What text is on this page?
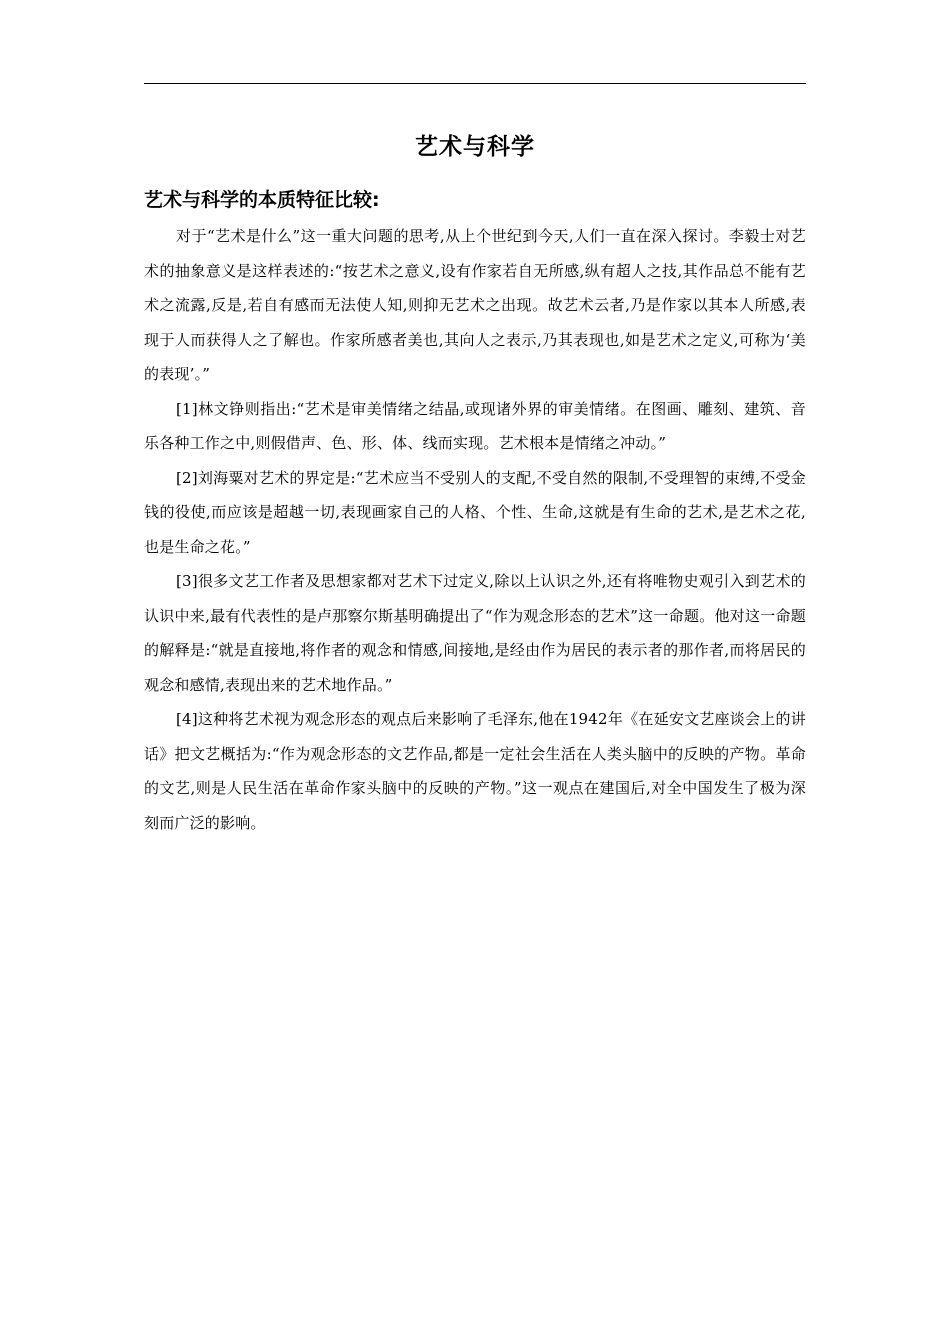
艺术与科学
艺术与科学的本质特征比较:

对于“艺术是什么”这一重大问题的思考,从上个世纪到今天,人们一直在深入探讨。李毅士对艺术的抽象意义是这样表述的:“按艺术之意义,设有作家若自无所感,纵有超人之技,其作品总不能有艺术之流露,反是,若自有感而无法使人知,则抑无艺术之出现。故艺术云者,乃是作家以其本人所感,表现于人而获得人之了解也。作家所感者美也,其向人之表示,乃其表现也,如是艺术之定义,可称为‘美的表现’。”

[1]林文铮则指出:“艺术是审美情绪之结晶,或现诸外界的审美情绪。在图画、雕刻、建筑、音乐各种工作之中,则假借声、色、形、体、线而实现。艺术根本是情绪之冲动。”

[2]刘海粟对艺术的界定是:“艺术应当不受别人的支配,不受自然的限制,不受理智的束缚,不受金钱的役使,而应该是超越一切,表现画家自己的人格、个性、生命,这就是有生命的艺术,是艺术之花,也是生命之花。”

[3]很多文艺工作者及思想家都对艺术下过定义,除以上认识之外,还有将唯物史观引入到艺术的认识中来,最有代表性的是卢那察尔斯基明确提出了“作为观念形态的艺术”这一命题。他对这一命题的解释是:“就是直接地,将作者的观念和情感,间接地,是经由作为居民的表示者的那作者,而将居民的观念和感情,表现出来的艺术地作品。”

[4]这种将艺术视为观念形态的观点后来影响了毛泽东,他在1942年《在延安文艺座谈会上的讲话》把文艺概括为:“作为观念形态的文艺作品,都是一定社会生活在人类头脑中的反映的产物。革命的文艺,则是人民生活在革命作家头脑中的反映的产物。”这一观点在建国后,对全中国发生了极为深刻而广泛的影响。
